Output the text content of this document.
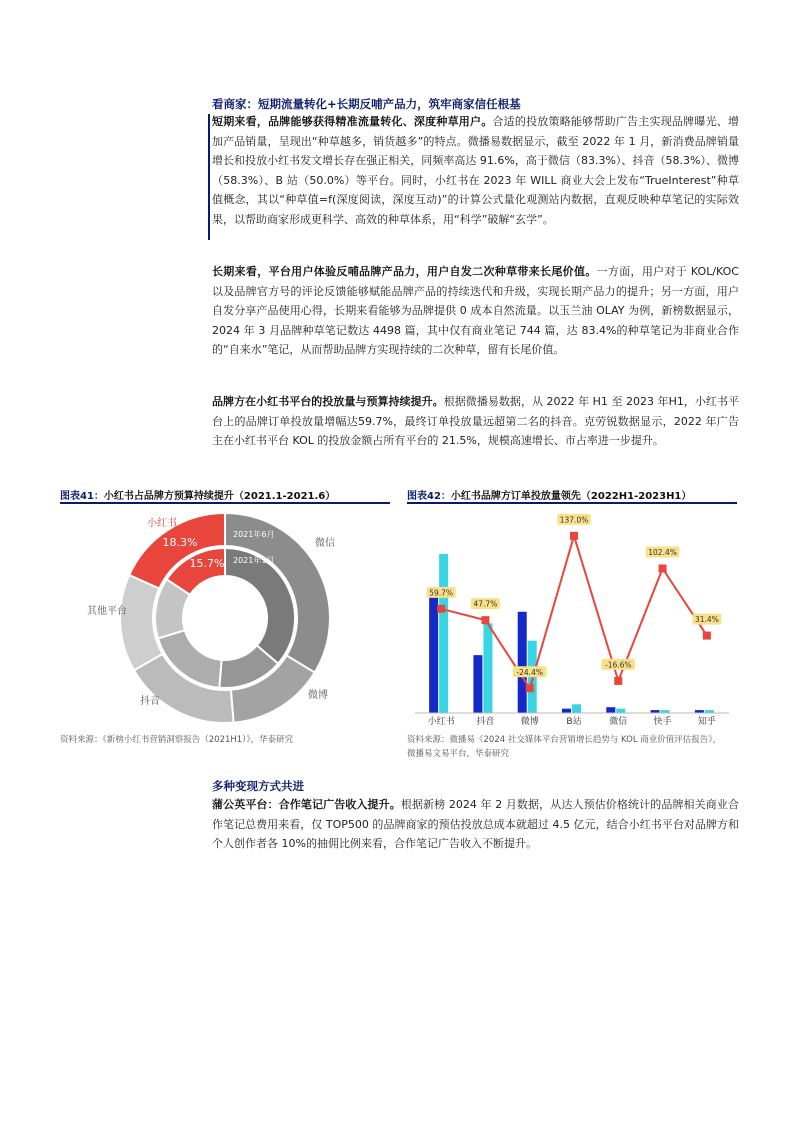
看商家：短期流量转化+长期反哺产品力，筑牢商家信任根基
短期来看，品牌能够获得精准流量转化、深度种草用户。合适的投放策略能够帮助广告主实现品牌曝光、增加产品销量，呈现出“种草越多，销货越多”的特点。微播易数据显示，截至 2022 年 1 月，新消费品牌销量增长和投放小红书发文增长存在强正相关，同频率高达 91.6%，高于微信（83.3%）、抖音（58.3%）、微博（58.3%）、B 站（50.0%）等平台。同时，小红书在 2023 年 WILL 商业大会上发布“TrueInterest”种草值概念，其以“种草值=f(深度阅读，深度互动)”的计算公式量化观测站内数据，直观反映种草笔记的实际效果，以帮助商家形成更科学、高效的种草体系，用“科学”破解“玄学”。
长期来看，平台用户体验反哺品牌产品力，用户自发二次种草带来长尾价值。一方面，用户对于 KOL/KOC 以及品牌官方号的评论反馈能够赋能品牌产品的持续迭代和升级，实现长期产品力的提升；另一方面，用户自发分享产品使用心得，长期来看能够为品牌提供 0 成本自然流量。以玉兰油 OLAY 为例，新榜数据显示，2024 年 3 月品牌种草笔记数达 4498 篇，其中仅有商业笔记 744 篇，达 83.4%的种草笔记为非商业合作的“自来水”笔记，从而帮助品牌方实现持续的二次种草，留有长尾价值。
品牌方在小红书平台的投放量与预算持续提升。根据微播易数据，从 2022 年 H1 至 2023 年H1，小红书平台上的品牌订单投放量增幅达59.7%，最终订单投放量远超第二名的抖音。克劳锐数据显示，2022 年广告主在小红书平台 KOL 的投放金额占所有平台的 21.5%，规模高速增长、市占率进一步提升。
图表41：小红书占品牌方预算持续提升（2021.1-2021.6）	图表42：小红书品牌方订单投放量领先（2022H1-2023H1）
小红书
微信
微博
抖音
其他平台
18.3%
15.7%
2021年6月
2021年1月
59.7%
47.7%
-24.4%
137.0%
-16.6%
102.4%
31.4%
小红书 抖音	微博	B站	微信	快手	知乎
资料来源：《新榜小红书营销洞察报告（2021H1）》，华泰研究	资料来源：微播易《2024 社交媒体平台营销增长趋势与 KOL 商业价值评估报告》，
微播易文易平台，华泰研究
多种变现方式共进
蒲公英平台：合作笔记广告收入提升。根据新榜 2024 年 2 月数据，从达人预估价格统计的品牌相关商业合作笔记总费用来看，仅 TOP500 的品牌商家的预估投放总成本就超过 4.5 亿元，结合小红书平台对品牌方和个人创作者各 10%的抽佣比例来看，合作笔记广告收入不断提升。
